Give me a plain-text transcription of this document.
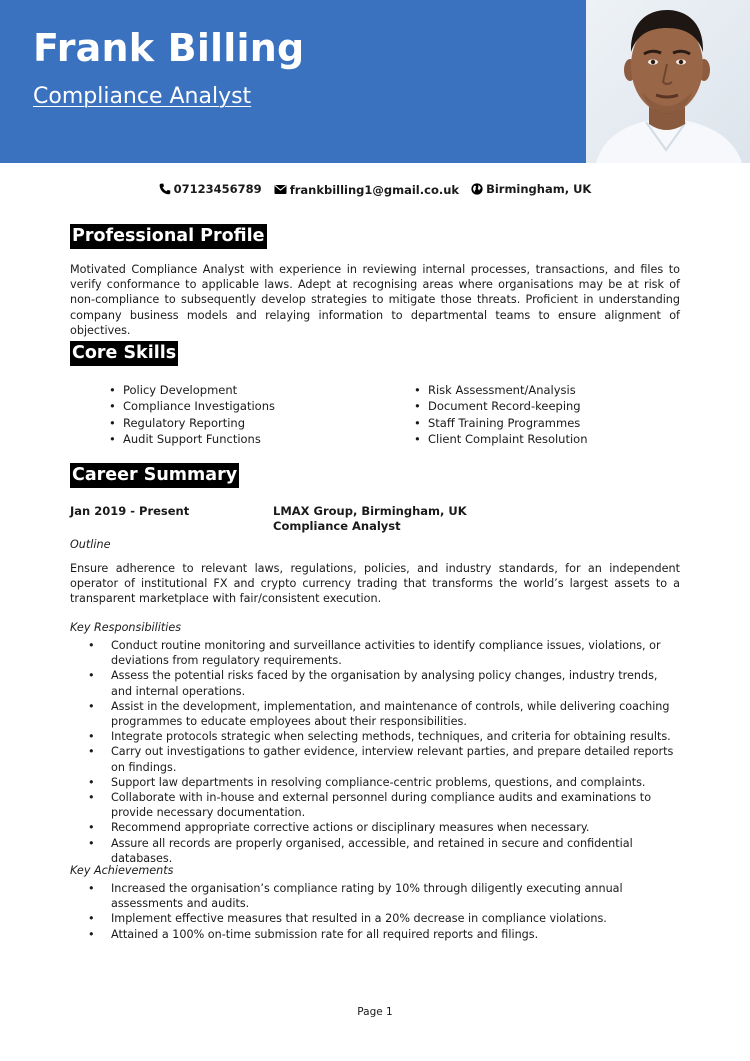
Frank Billing
Compliance Analyst
07123456789
frankbilling1@gmail.co.uk
Birmingham, UK
Professional Profile

Motivated Compliance Analyst with experience in reviewing internal processes, transactions, and files to verify conformance to applicable laws. Adept at recognising areas where organisations may be at risk of non-compliance to subsequently develop strategies to mitigate those threats. Proficient in understanding company business models and relaying information to departmental teams to ensure alignment of objectives.

Core Skills
• Policy Development
• Compliance Investigations
• Regulatory Reporting
• Audit Support Functions
• Risk Assessment/Analysis
• Document Record-keeping
• Staff Training Programmes
• Client Complaint Resolution
Career Summary
Jan 2019 - Present	LMAX Group, Birmingham, UK
Compliance Analyst
Outline

Ensure adherence to relevant laws, regulations, policies, and industry standards, for an independent operator of institutional FX and crypto currency trading that transforms the world’s largest assets to a transparent marketplace with fair/consistent execution.

Key Responsibilities
• Conduct routine monitoring and surveillance activities to identify compliance issues, violations, or deviations from regulatory requirements.
• Assess the potential risks faced by the organisation by analysing policy changes, industry trends, and internal operations.
• Assist in the development, implementation, and maintenance of controls, while delivering coaching programmes to educate employees about their responsibilities.
• Integrate protocols strategic when selecting methods, techniques, and criteria for obtaining results.
• Carry out investigations to gather evidence, interview relevant parties, and prepare detailed reports on findings.
• Support law departments in resolving compliance-centric problems, questions, and complaints.
• Collaborate with in-house and external personnel during compliance audits and examinations to provide necessary documentation.
• Recommend appropriate corrective actions or disciplinary measures when necessary.
• Assure all records are properly organised, accessible, and retained in secure and confidential databases.
Key Achievements
• Increased the organisation’s compliance rating by 10% through diligently executing annual assessments and audits.
• Implement effective measures that resulted in a 20% decrease in compliance violations.
• Attained a 100% on-time submission rate for all required reports and filings.
Page 1
